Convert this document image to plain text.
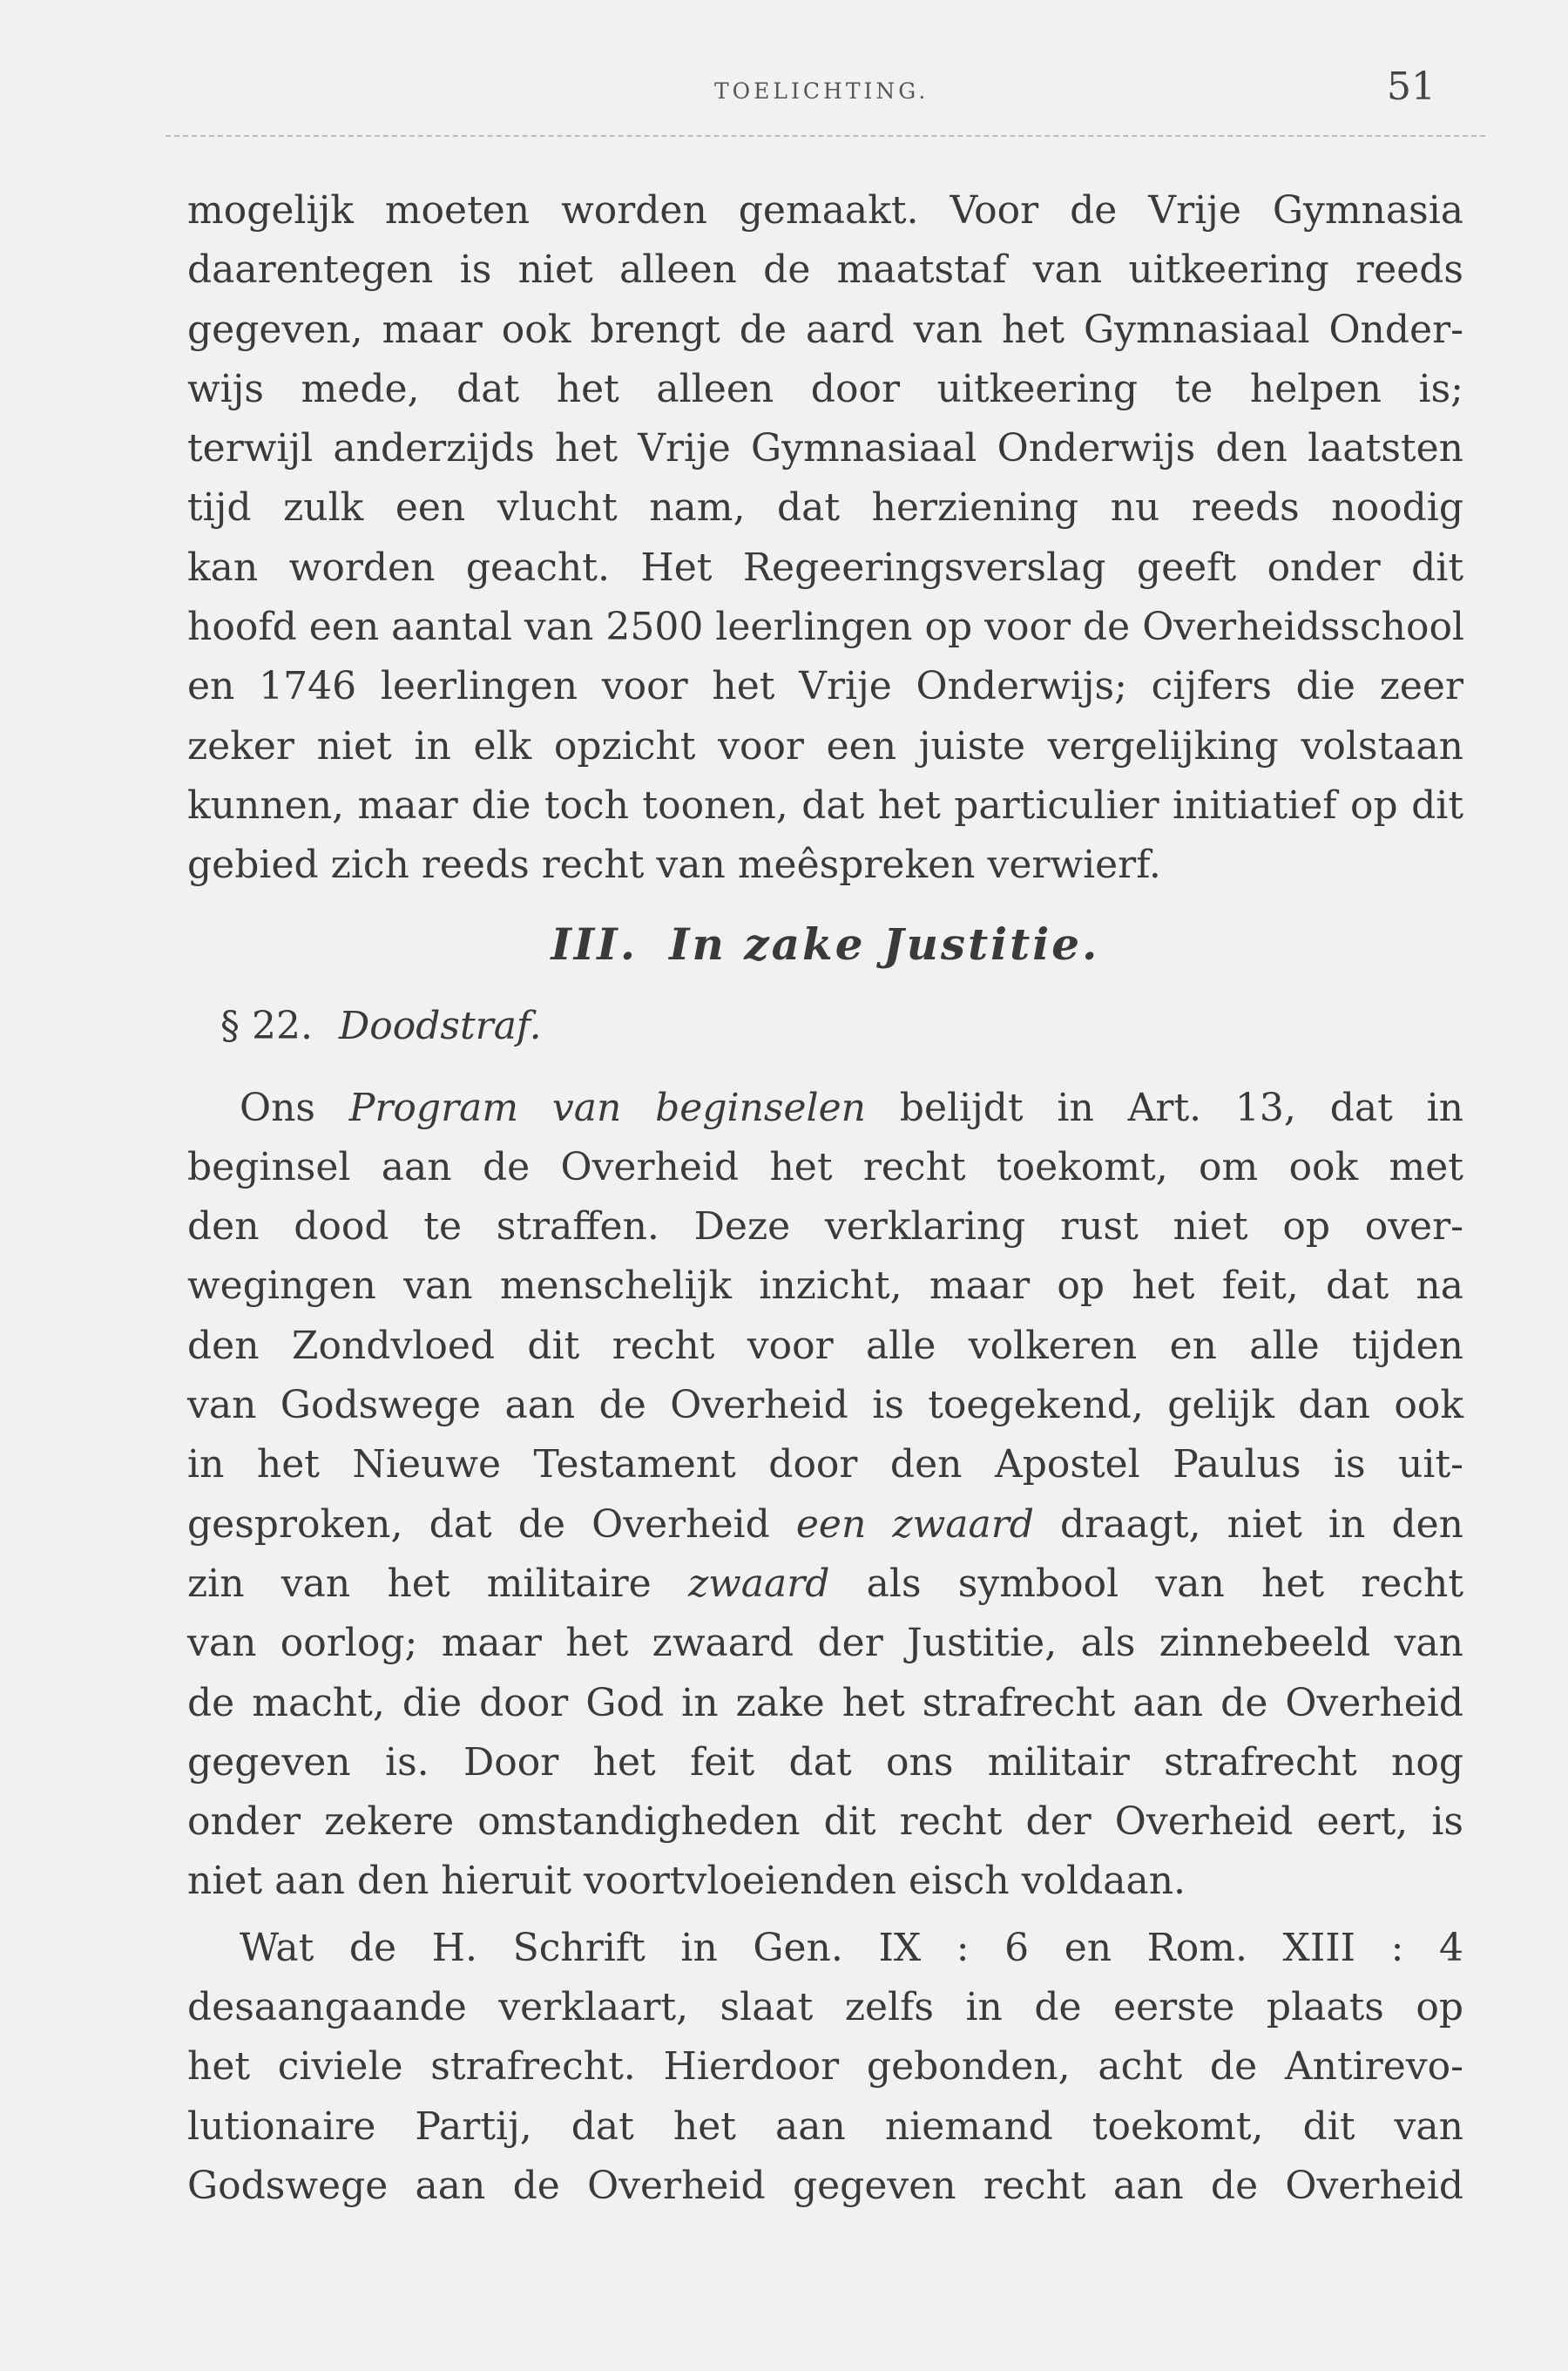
TOELICHTING.	51
mogelijk moeten worden gemaakt. Voor de Vrije Gymnasia
daarentegen is niet alleen de maatstaf van uitkeering reeds
gegeven, maar ook brengt de aard van het Gymnasiaal Onder-
wijs mede, dat het alleen door uitkeering te helpen is;
terwijl anderzijds het Vrije Gymnasiaal Onderwijs den laatsten
tijd zulk een vlucht nam, dat herziening nu reeds noodig
kan worden geacht. Het Regeeringsverslag geeft onder dit
hoofd een aantal van 2500 leerlingen op voor de Overheidsschool
en 1746 leerlingen voor het Vrije Onderwijs; cijfers die zeer
zeker niet in elk opzicht voor een juiste vergelijking volstaan
kunnen, maar die toch toonen, dat het particulier initiatief op dit
gebied zich reeds recht van meêspreken verwierf.
III. In zake Justitie.
§ 22. Doodstraf.
Ons Program van beginselen belijdt in Art. 13, dat in
beginsel aan de Overheid het recht toekomt, om ook met
den dood te straffen. Deze verklaring rust niet op over-
wegingen van menschelijk inzicht, maar op het feit, dat na
den Zondvloed dit recht voor alle volkeren en alle tijden
van Godswege aan de Overheid is toegekend, gelijk dan ook
in het Nieuwe Testament door den Apostel Paulus is uit-
gesproken, dat de Overheid een zwaard draagt, niet in den
zin van het militaire zwaard als symbool van het recht
van oorlog; maar het zwaard der Justitie, als zinnebeeld van
de macht, die door God in zake het strafrecht aan de Overheid
gegeven is. Door het feit dat ons militair strafrecht nog
onder zekere omstandigheden dit recht der Overheid eert, is
niet aan den hieruit voortvloeienden eisch voldaan.
Wat de H. Schrift in Gen. IX : 6 en Rom. XIII : 4
desaangaande verklaart, slaat zelfs in de eerste plaats op
het civiele strafrecht. Hierdoor gebonden, acht de Antirevo-
lutionaire Partij, dat het aan niemand toekomt, dit van
Godswege aan de Overheid gegeven recht aan de Overheid
